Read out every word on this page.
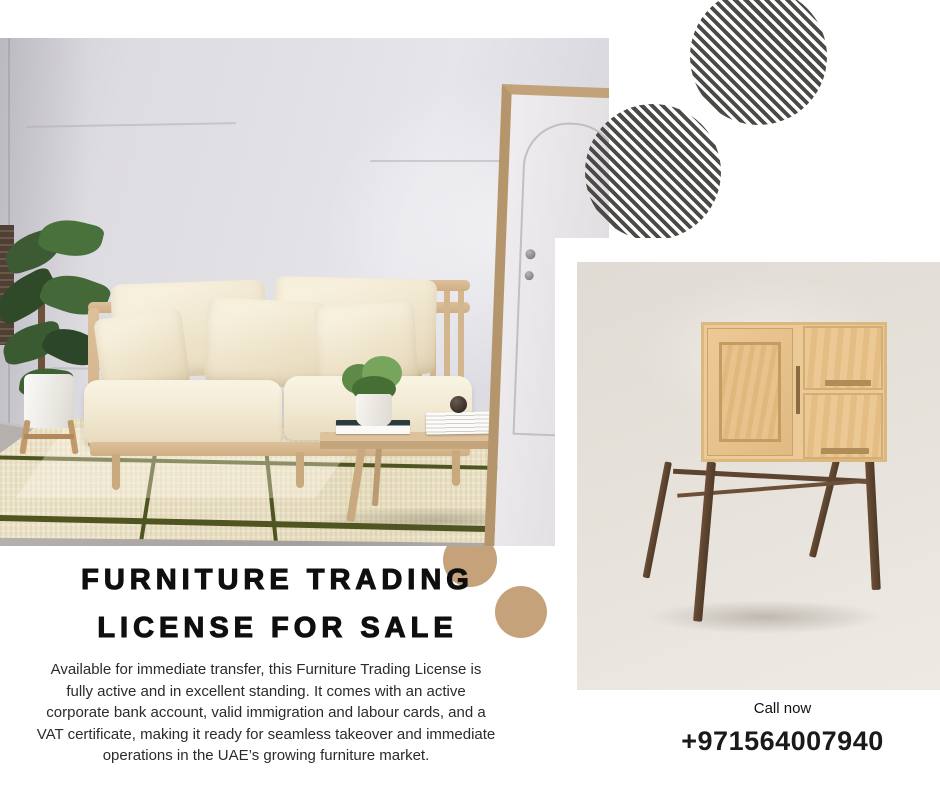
Call now
+971564007940
FURNITURE TRADING
LICENSE FOR SALE
Available for immediate transfer, this Furniture Trading License is
fully active and in excellent standing. It comes with an active
corporate bank account, valid immigration and labour cards, and a
VAT certificate, making it ready for seamless takeover and immediate
operations in the UAE’s growing furniture market.
